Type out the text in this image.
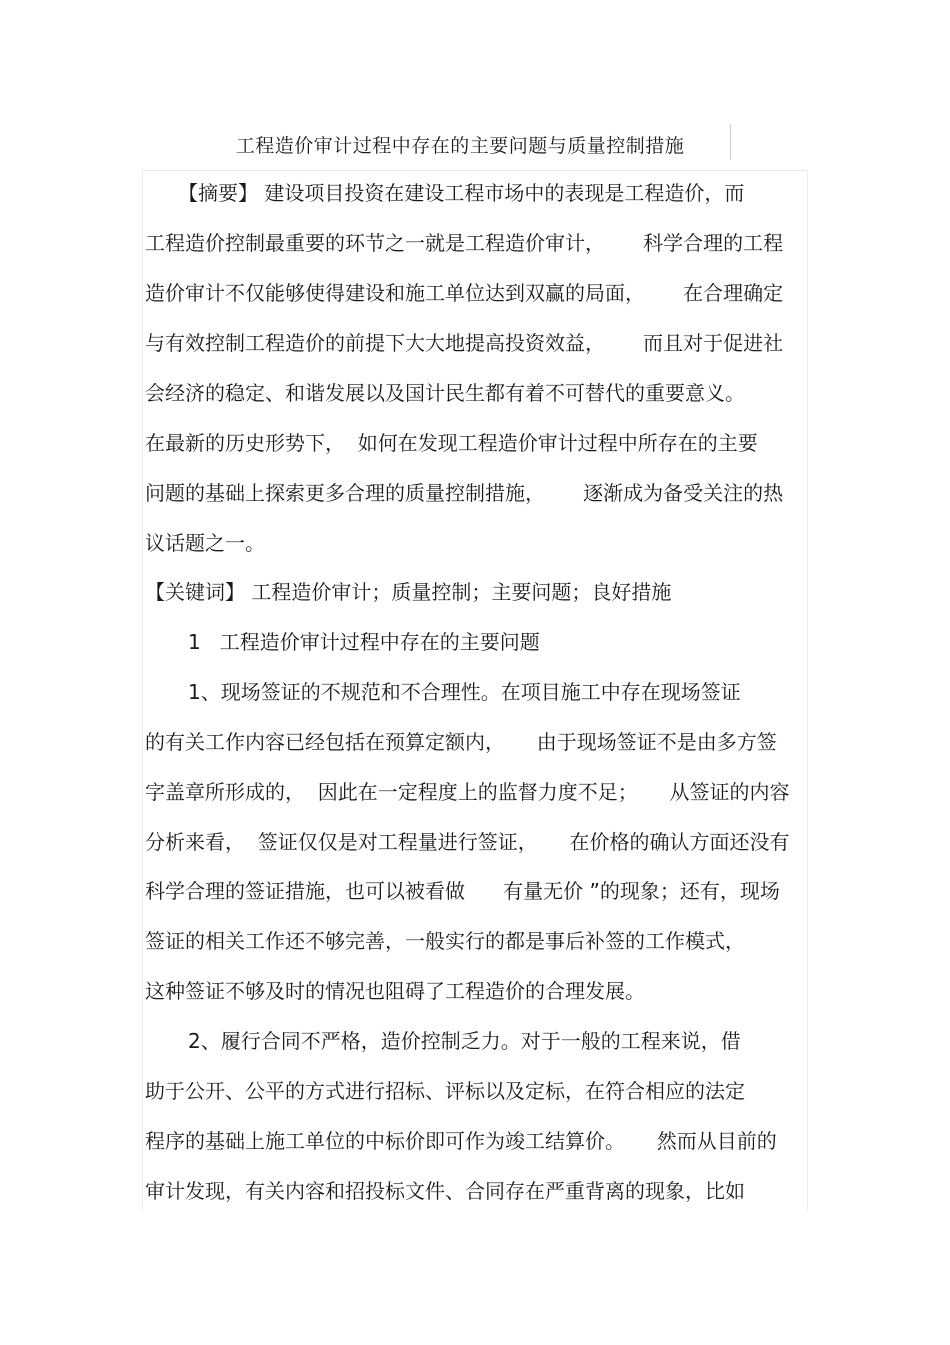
工程造价审计过程中存在的主要问题与质量控制措施
【摘要】 建设项目投资在建设工程市场中的表现是工程造价，而
工程造价控制最重要的环节之一就是工程造价审计，      科学合理的工程
造价审计不仅能够使得建设和施工单位达到双赢的局面，      在合理确定
与有效控制工程造价的前提下大大地提高投资效益，      而且对于促进社
会经济的稳定、和谐发展以及国计民生都有着不可替代的重要意义。
在最新的历史形势下，  如何在发现工程造价审计过程中所存在的主要
问题的基础上探索更多合理的质量控制措施，      逐渐成为备受关注的热
议话题之一。
【关键词】 工程造价审计；质量控制；主要问题；良好措施
1   工程造价审计过程中存在的主要问题
1、现场签证的不规范和不合理性。在项目施工中存在现场签证
的有关工作内容已经包括在预算定额内，     由于现场签证不是由多方签
字盖章所形成的，  因此在一定程度上的监督力度不足；     从签证的内容
分析来看，  签证仅仅是对工程量进行签证，     在价格的确认方面还没有
科学合理的签证措施，也可以被看做      有量无价 ”的现象；还有，现场
签证的相关工作还不够完善，一般实行的都是事后补签的工作模式，
这种签证不够及时的情况也阻碍了工程造价的合理发展。
2、履行合同不严格，造价控制乏力。对于一般的工程来说，借
助于公开、公平的方式进行招标、评标以及定标，在符合相应的法定
程序的基础上施工单位的中标价即可作为竣工结算价。     然而从目前的
审计发现，有关内容和招投标文件、合同存在严重背离的现象，比如
